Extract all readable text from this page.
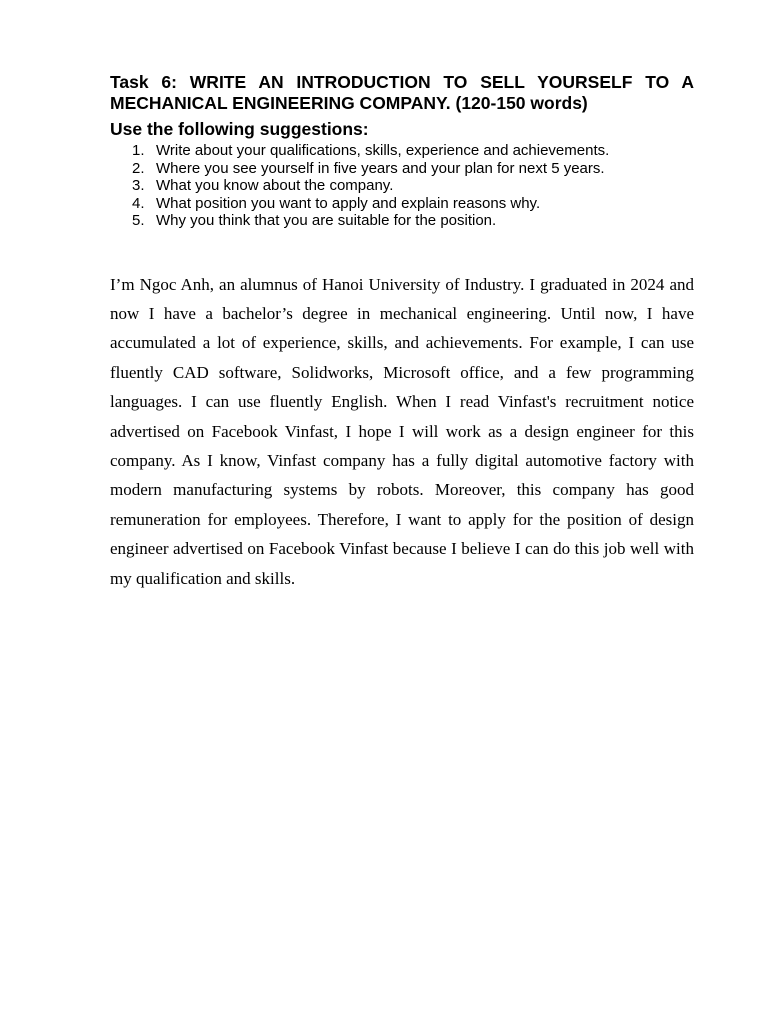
Task 6: WRITE AN INTRODUCTION TO SELL YOURSELF TO A MECHANICAL ENGINEERING COMPANY. (120-150 words)
Use the following suggestions:
1. Write about your qualifications, skills, experience and achievements.
2. Where you see yourself in five years and your plan for next 5 years.
3. What you know about the company.
4. What position you want to apply and explain reasons why.
5. Why you think that you are suitable for the position.

I’m Ngoc Anh, an alumnus of Hanoi University of Industry. I graduated in 2024 and now I have a bachelor’s degree in mechanical engineering. Until now, I have accumulated a lot of experience, skills, and achievements. For example, I can use fluently CAD software, Solidworks, Microsoft office, and a few programming languages. I can use fluently English. When I read Vinfast's recruitment notice advertised on Facebook Vinfast, I hope I will work as a design engineer for this company. As I know, Vinfast company has a fully digital automotive factory with modern manufacturing systems by robots. Moreover, this company has good remuneration for employees. Therefore, I want to apply for the position of design engineer advertised on Facebook Vinfast because I believe I can do this job well with my qualification and skills.
